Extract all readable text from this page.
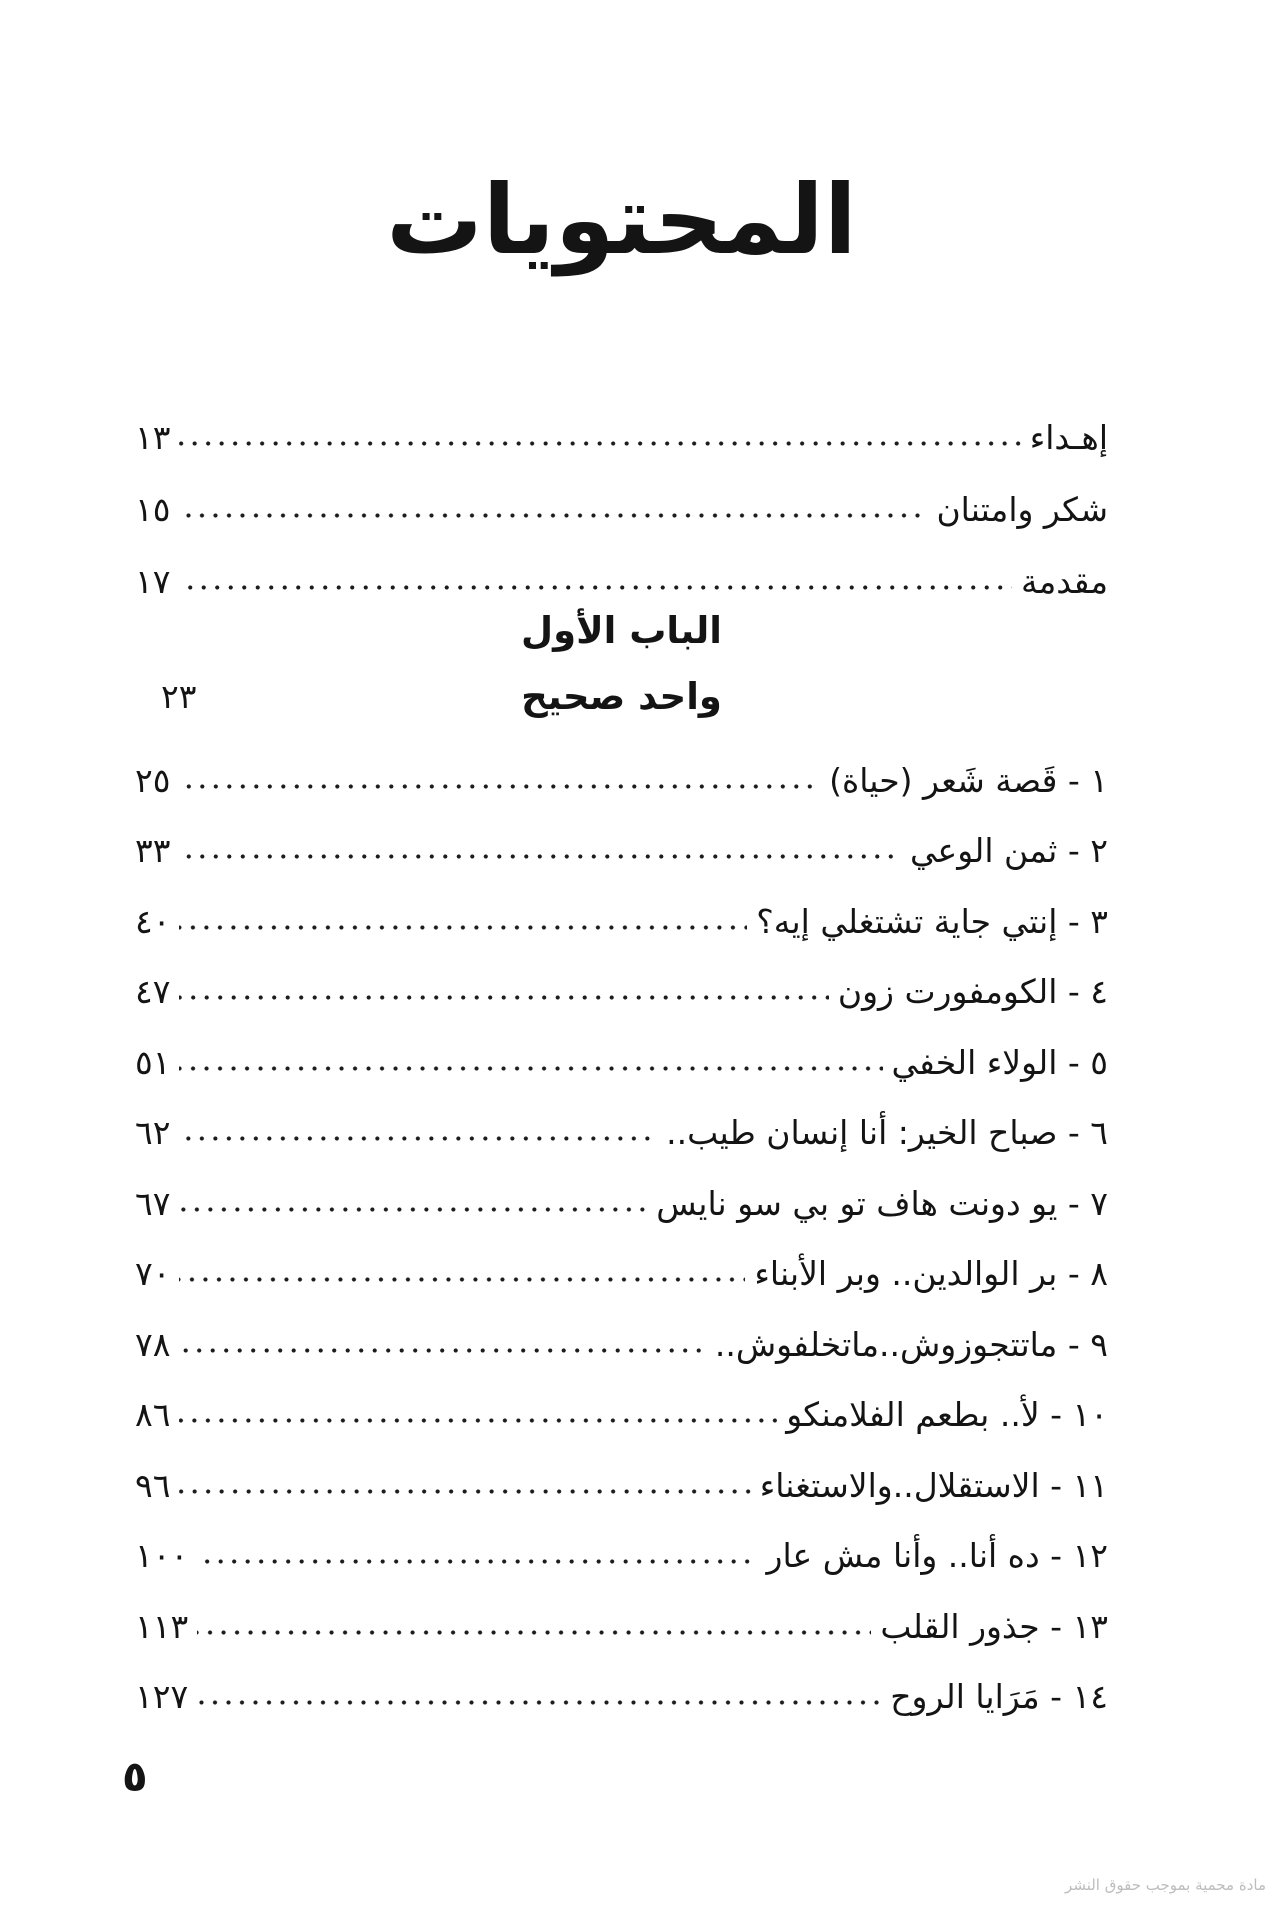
المحتويات
إهـداء
١٣
شكر وامتنان
١٥
مقدمة
١٧
الباب الأول
واحد صحيح
٢٣
١ - قَصة شَعر (حياة)
٢٥
٢ - ثمن الوعي
٣٣
٣ - إنتي جاية تشتغلي إيه؟
٤٠
٤ - الكومفورت زون
٤٧
٥ - الولاء الخفي
٥١
٦ - صباح الخير: أنا إنسان طيب..
٦٢
٧ - يو دونت هاف تو بي سو نايس
٦٧
٨ - بر الوالدين.. وبر الأبناء
٧٠
٩ - ماتتجوزوش..ماتخلفوش..
٧٨
١٠ - لأ.. بطعم الفلامنكو
٨٦
١١ - الاستقلال..والاستغناء
٩٦
١٢ - ده أنا.. وأنا مش عار
١٠٠
١٣ - جذور القلب
١١٣
١٤ - مَرَايا الروح
١٢٧
٥
مادة محمية بموجب حقوق النشر
